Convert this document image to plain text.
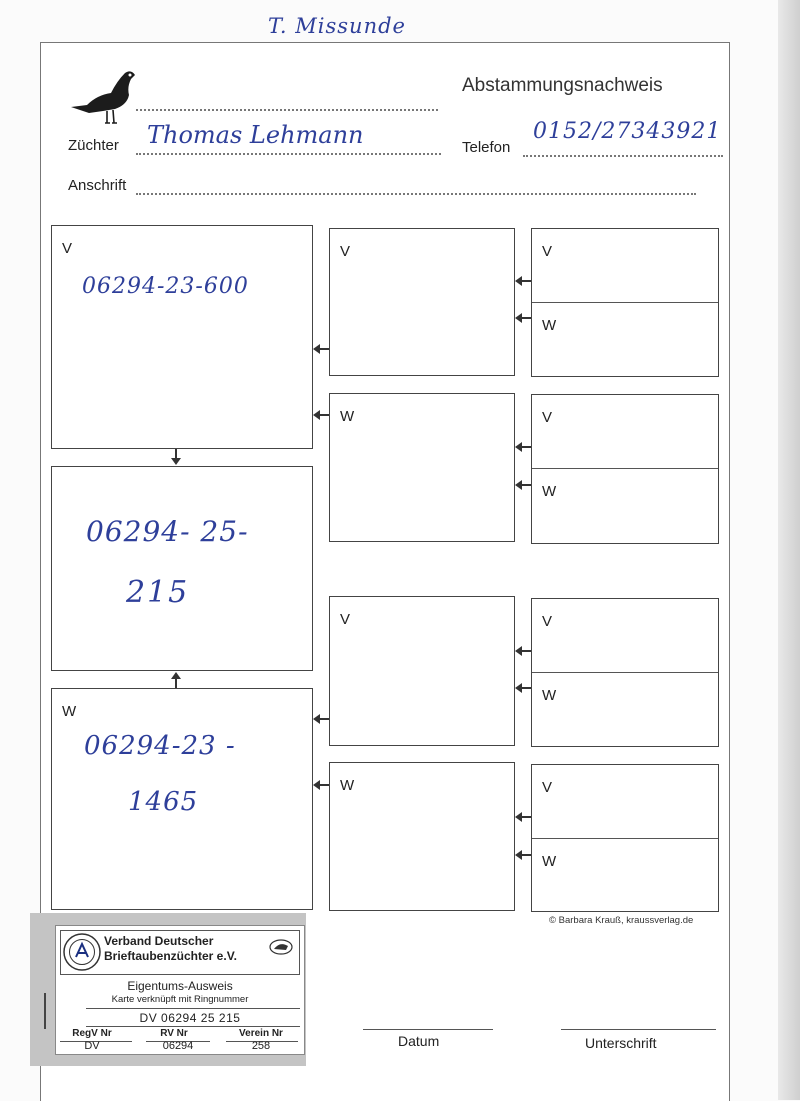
T. Missunde
Abstammungsnachweis
Züchter Thomas Lehmann	Telefon
0152/27343921
Anschrift
V
06294-23-600
06294- 25-
215
W
06294-23 -
1465
V
W
V
W
V
W
V
W
V
W
V
W
© Barbara Krauß, kraussverlag.de
Datum	Unterschrift
Verband Deutscher
Brieftaubenzüchter e.V.
Eigentums-Ausweis
Karte verknüpft mit Ringnummer
DV 06294 25 215
RegV Nr	RV Nr	Verein Nr
DV	06294	258
